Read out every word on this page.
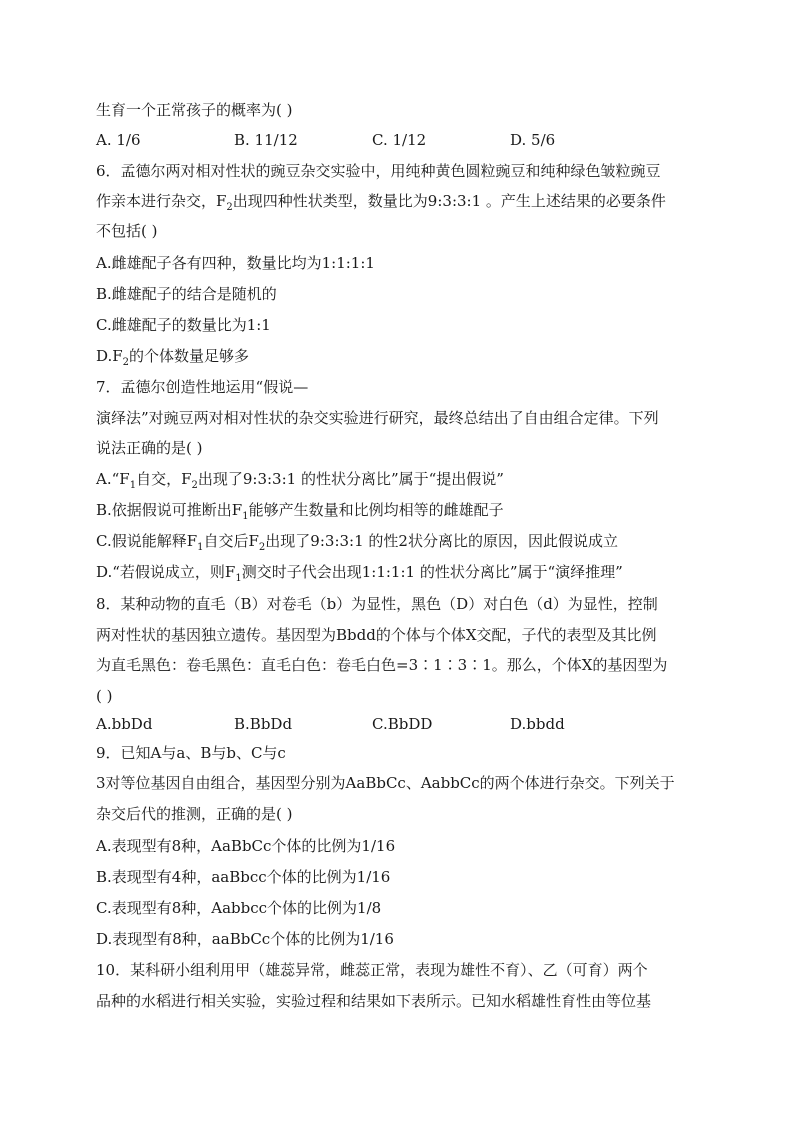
生育一个正常孩子的概率为( )
A. 1/6	B. 11/12	C. 1/12	D. 5/6
6．孟德尔两对相对性状的豌豆杂交实验中，用纯种黄色圆粒豌豆和纯种绿色皱粒豌豆
作亲本进行杂交，$F_2$出现四种性状类型，数量比为9:3:3:1 。产生上述结果的必要条件
不包括( )
A.雌雄配子各有四种，数量比均为1:1:1:1
B.雌雄配子的结合是随机的
C.雌雄配子的数量比为1:1
$D.F_2$的个体数量足够多
7．孟德尔创造性地运用“假说—
演绎法”对豌豆两对相对性状的杂交实验进行研究，最终总结出了自由组合定律。下列
说法正确的是( )
$A.“F_1$自交，$F_2$出现了9:3:3:1 的性状分离比”属于“提出假说”
B.依据假说可推断出$F_1$能够产生数量和比例均相等的雌雄配子
C.假说能解释$F_1$自交后$F_2$出现了9:3:3:1 的性2状分离比的原因，因此假说成立
D.“若假说成立，则$F_1$测交时子代会出现1:1:1:1 的性状分离比”属于“演绎推理”
8．某种动物的直毛（B）对卷毛（b）为显性，黑色（D）对白色（d）为显性，控制
两对性状的基因独立遗传。基因型为Bbdd的个体与个体X交配，子代的表型及其比例
为直毛黑色：卷毛黑色：直毛白色：卷毛白色=3∶1∶3∶1。那么，个体X的基因型为
( )
A.bbDd	B.BbDd	C.BbDD	D.bbdd
9．已知A与a、B与b、C与c
3对等位基因自由组合，基因型分别为AaBbCc、AabbCc的两个体进行杂交。下列关于
杂交后代的推测，正确的是( )
A.表现型有8种，AaBbCc个体的比例为1/16
B.表现型有4种，aaBbcc个体的比例为1/16
C.表现型有8种，Aabbcc个体的比例为1/8
D.表现型有8种，aaBbCc个体的比例为1/16
10．某科研小组利用甲（雄蕊异常，雌蕊正常，表现为雄性不育）、乙（可育）两个
品种的水稻进行相关实验，实验过程和结果如下表所示。已知水稻雄性育性由等位基
